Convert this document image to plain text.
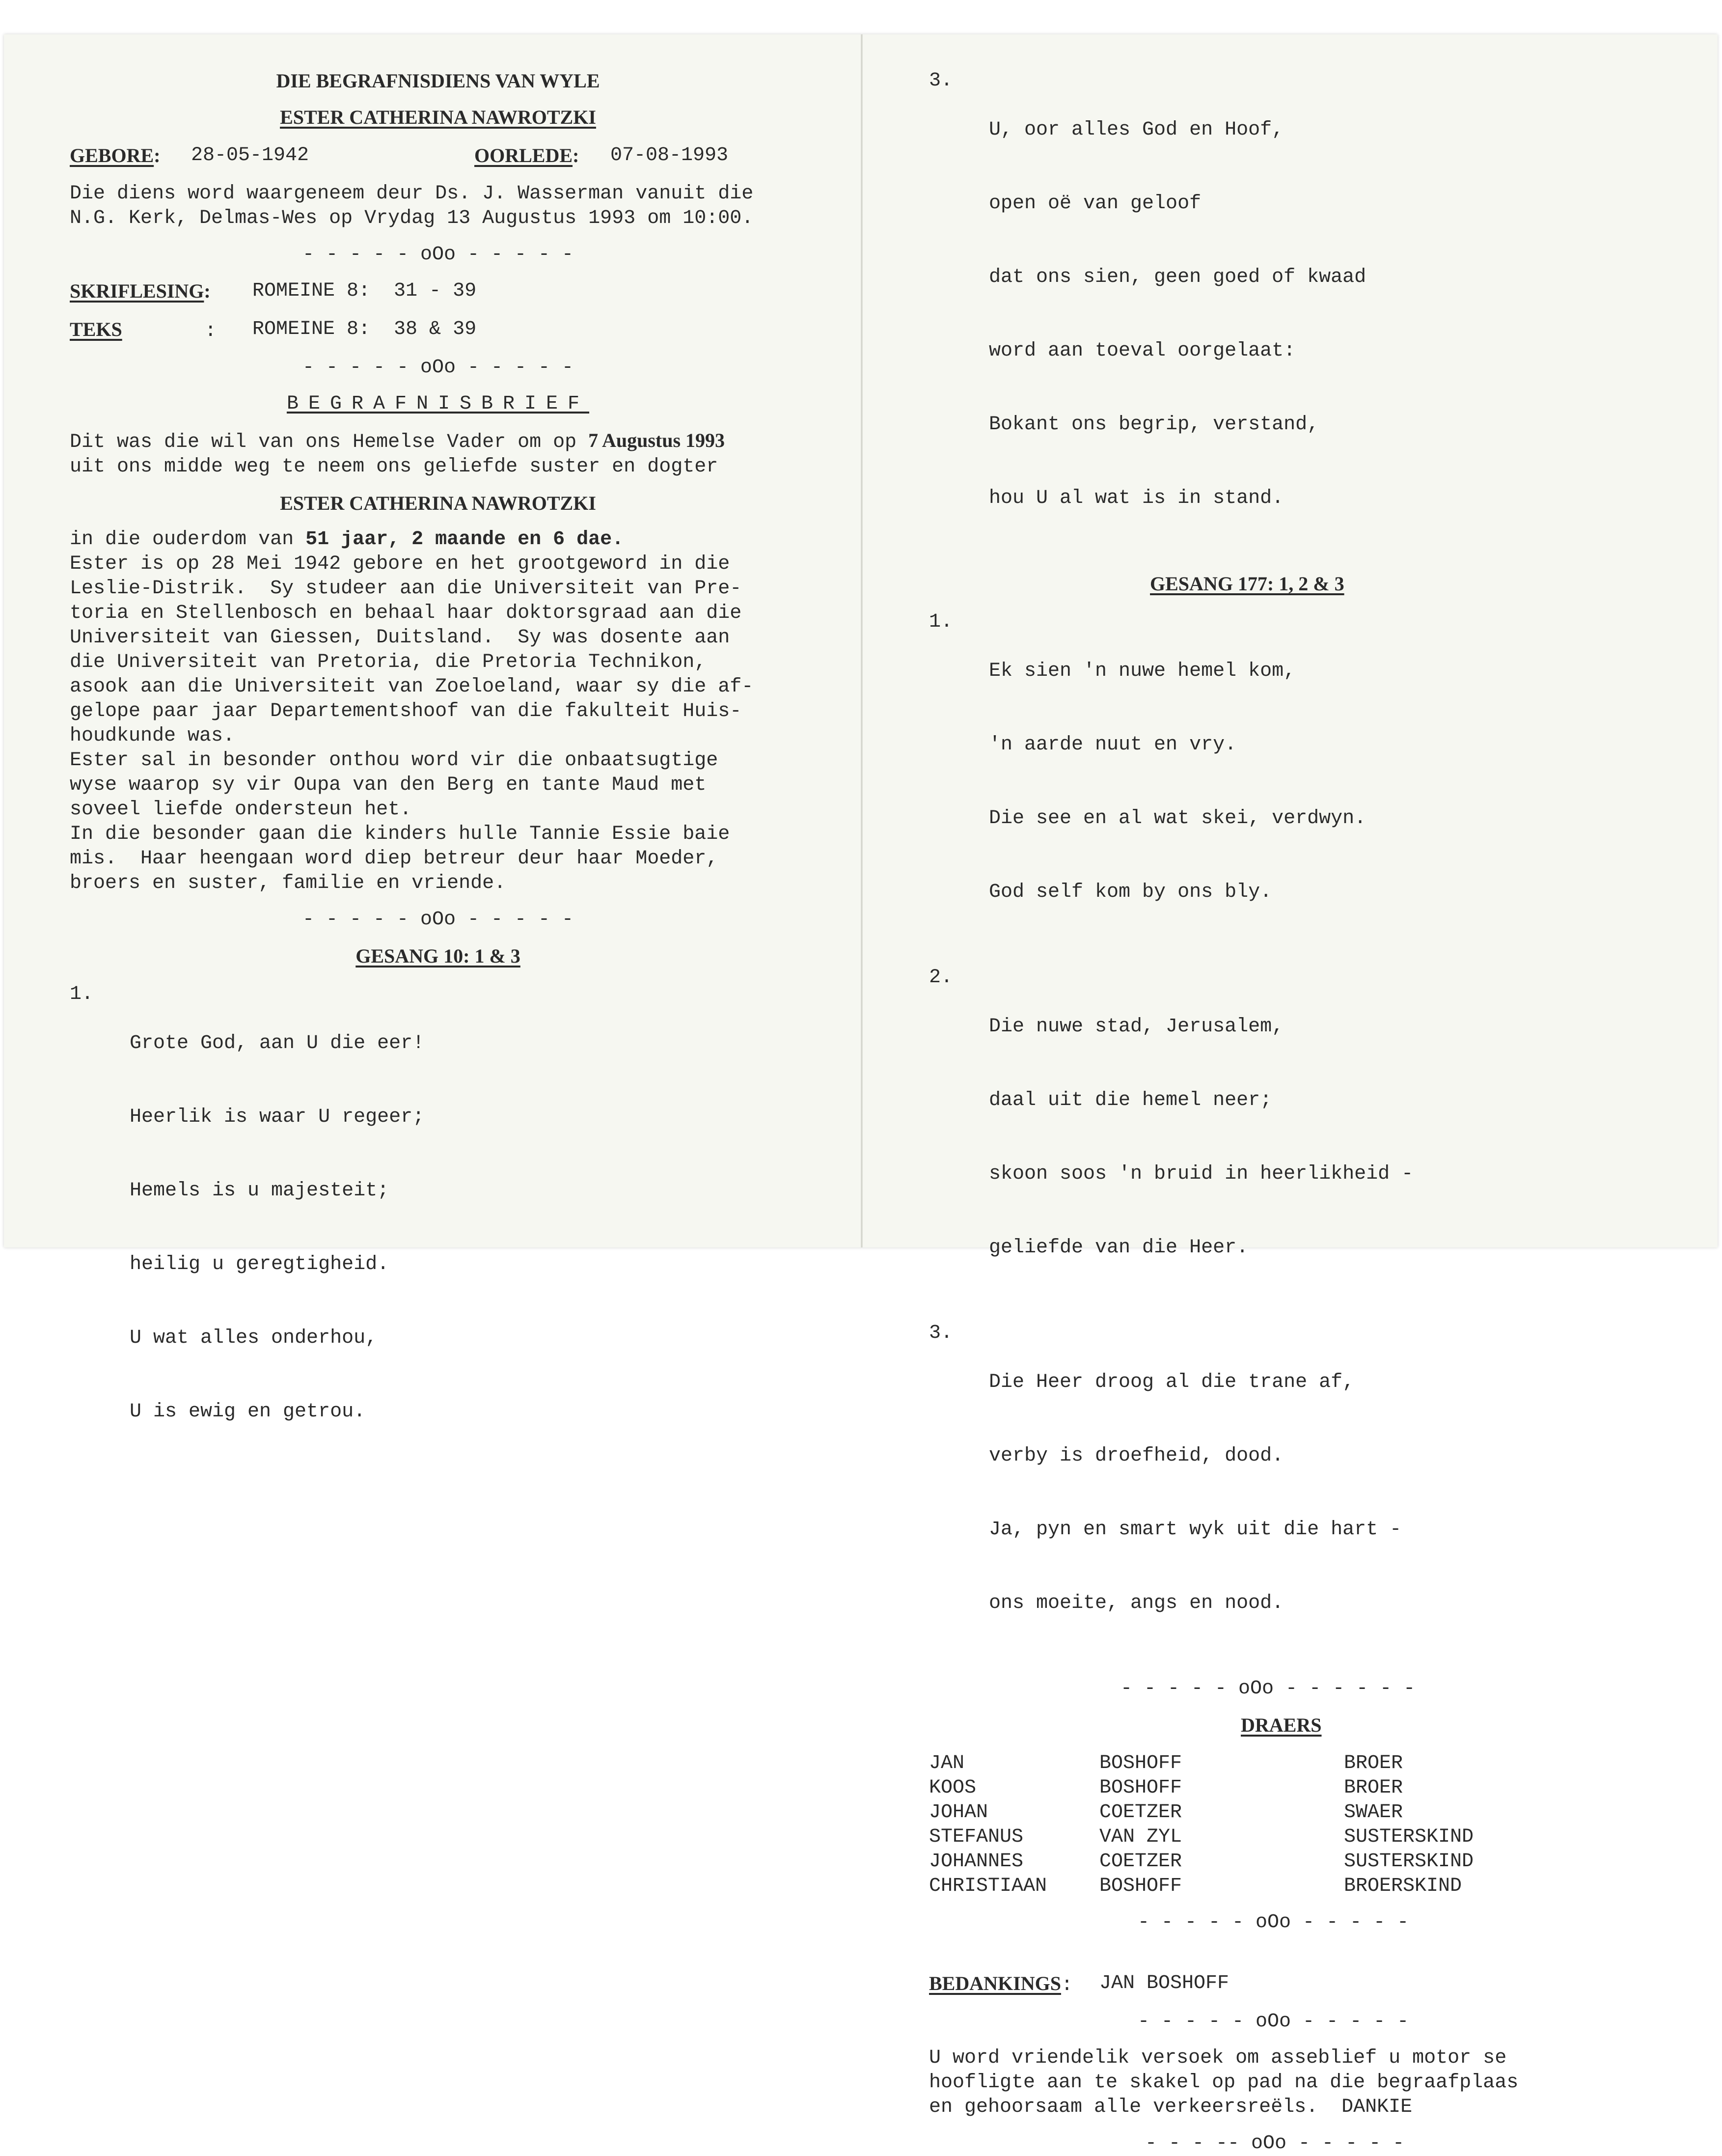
DIE BEGRAFNISDIENS VAN WYLE
ESTER CATHERINA NAWROTZKI
GEBORE:	28-05-1942	OORLEDE:	07-08-1993
Die diens word waargeneem deur Ds. J. Wasserman vanuit die
N.G. Kerk, Delmas-Wes op Vrydag 13 Augustus 1993 om 10:00.
- - - - - oOo - - - - -
SKRIFLESING:	ROMEINE 8:  31 - 39
TEKS       :	ROMEINE 8:  38 & 39
- - - - - oOo - - - - -
BEGRAFNISBRIEF
Dit was die wil van ons Hemelse Vader om op 7 Augustus 1993
uit ons midde weg te neem ons geliefde suster en dogter
ESTER CATHERINA NAWROTZKI
in die ouderdom van 51 jaar, 2 maande en 6 dae.
Ester is op 28 Mei 1942 gebore en het grootgeword in die
Leslie-Distrik.  Sy studeer aan die Universiteit van Pre-
toria en Stellenbosch en behaal haar doktorsgraad aan die
Universiteit van Giessen, Duitsland.  Sy was dosente aan
die Universiteit van Pretoria, die Pretoria Technikon,
asook aan die Universiteit van Zoeloeland, waar sy die af-
gelope paar jaar Departementshoof van die fakulteit Huis-
houdkunde was.
Ester sal in besonder onthou word vir die onbaatsugtige
wyse waarop sy vir Oupa van den Berg en tante Maud met
soveel liefde ondersteun het.
In die besonder gaan die kinders hulle Tannie Essie baie
mis.  Haar heengaan word diep betreur deur haar Moeder,
broers en suster, familie en vriende.
- - - - - oOo - - - - -
GESANG 10: 1 & 3
1.

Grote God, aan U die eer!

Heerlik is waar U regeer;

Hemels is u majesteit;

heilig u geregtigheid.

U wat alles onderhou,

U is ewig en getrou.

3.

U, oor alles God en Hoof,

open oë van geloof

dat ons sien, geen goed of kwaad

word aan toeval oorgelaat:

Bokant ons begrip, verstand,

hou U al wat is in stand.

GESANG 177: 1, 2 & 3
1.

Ek sien 'n nuwe hemel kom,

'n aarde nuut en vry.

Die see en al wat skei, verdwyn.

God self kom by ons bly.

2.

Die nuwe stad, Jerusalem,

daal uit die hemel neer;

skoon soos 'n bruid in heerlikheid -

geliefde van die Heer.

3.

Die Heer droog al die trane af,

verby is droefheid, dood.

Ja, pyn en smart wyk uit die hart -

ons moeite, angs en nood.

- - - - - oOo - - - - - -
DRAERS
JAN	BOSHOFF	BROER
KOOS	BOSHOFF	BROER
JOHAN	COETZER	SWAER
STEFANUS	VAN ZYL	SUSTERSKIND
JOHANNES	COETZER	SUSTERSKIND
CHRISTIAAN	BOSHOFF	BROERSKIND
- - - - - oOo - - - - -
BEDANKINGS:	JAN BOSHOFF
- - - - - oOo - - - - -
U word vriendelik versoek om asseblief u motor se
hoofligte aan te skakel op pad na die begraafplaas
en gehoorsaam alle verkeersreëls.  DANKIE
- - - -- oOo - - - - -
